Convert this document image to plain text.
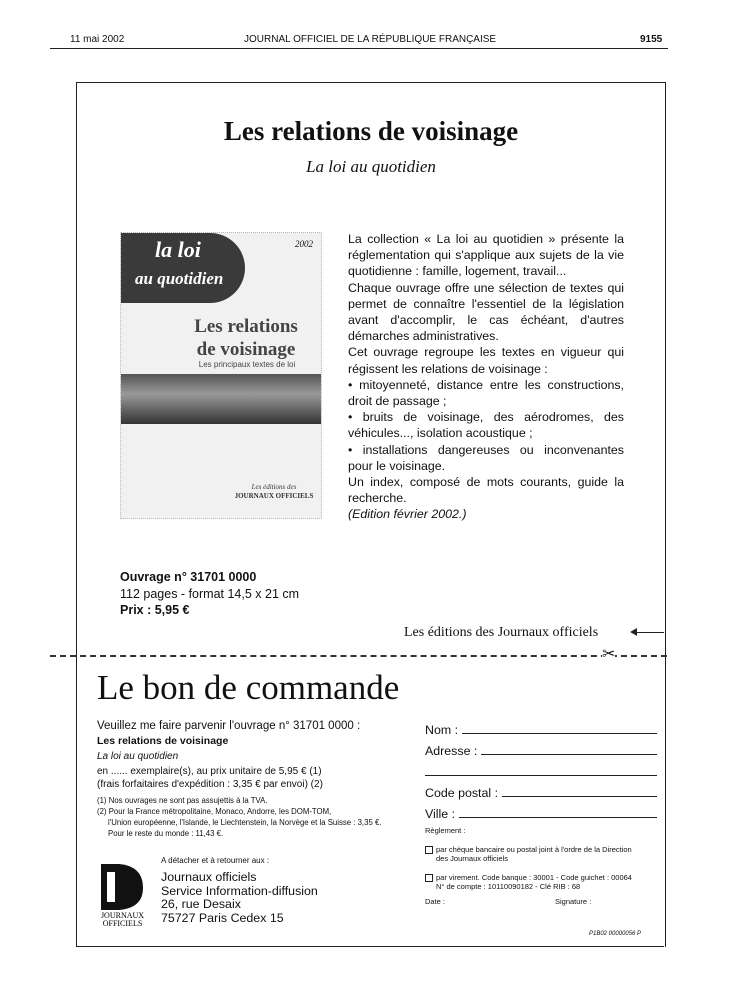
11 mai 2002	JOURNAL OFFICIEL DE LA RÉPUBLIQUE FRANÇAISE	9155
Les relations de voisinage
La loi au quotidien
la loi
au quotidien
2002
Les relations
de voisinage
Les principaux textes de loi
Les éditions des
JOURNAUX OFFICIELS

La collection « La loi au quotidien » présente la réglementation qui s'applique aux sujets de la vie quotidienne : famille, logement, travail...

Chaque ouvrage offre une sélection de textes qui permet de connaître l'essentiel de la législation avant d'accomplir, le cas échéant, d'autres démarches administratives.

Cet ouvrage regroupe les textes en vigueur qui régissent les relations de voisinage :

• mitoyenneté, distance entre les constructions, droit de passage ;

• bruits de voisinage, des aérodromes, des véhicules..., isolation acoustique ;

• installations dangereuses ou inconvenantes pour le voisinage.

Un index, composé de mots courants, guide la recherche.

(Edition février 2002.)

Ouvrage n° 31701 0000
112 pages - format 14,5 x 21 cm
Prix : 5,95 €
Les éditions des Journaux officiels
✂
Le bon de commande
Veuillez me faire parvenir l'ouvrage n° 31701 0000 :
Les relations de voisinage
La loi au quotidien
en ...... exemplaire(s), au prix unitaire de 5,95 € (1)
(frais forfaitaires d'expédition : 3,35 € par envoi) (2)
(1) Nos ouvrages ne sont pas assujettis à la TVA.
(2) Pour la France métropolitaine, Monaco, Andorre, les DOM-TOM,
l'Union européenne, l'Islande, le Liechtenstein, la Norvège et la Suisse : 3,35 €.
Pour le reste du monde : 11,43 €.
JOURNAUX
OFFICIELS
A détacher et à retourner aux :
Journaux officiels
Service Information-diffusion
26, rue Desaix
75727 Paris Cedex 15
Nom :
Adresse :
Code postal :
Ville :
Règlement :
par chèque bancaire ou postal joint à l'ordre de la Direction
des Journaux officiels
par virement. Code banque : 30001 - Code guichet : 00064
N° de compte : 10110090182 - Clé RIB : 68
Date :	Signature :
P1B02 00000056 P
